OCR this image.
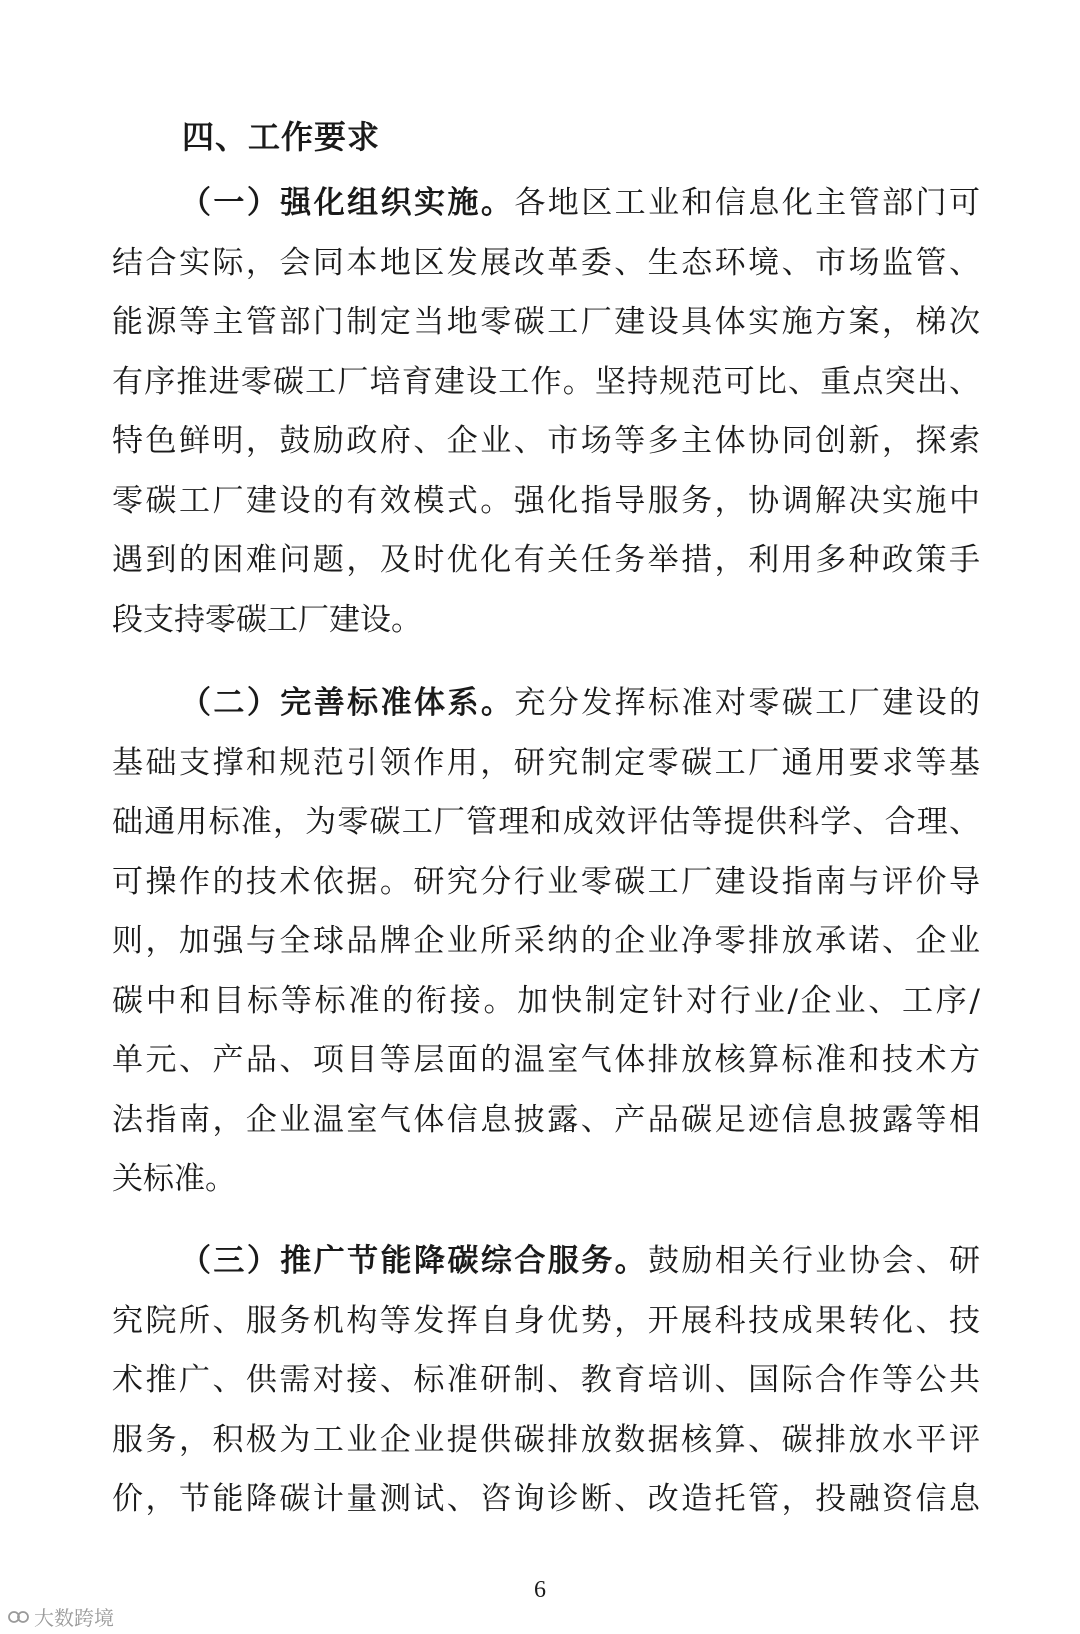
四、工作要求
（一）强化组织实施。各地区工业和信息化主管部门可
结合实际，会同本地区发展改革委、生态环境、市场监管、
能源等主管部门制定当地零碳工厂建设具体实施方案，梯次
有序推进零碳工厂培育建设工作。坚持规范可比、重点突出、
特色鲜明，鼓励政府、企业、市场等多主体协同创新，探索
零碳工厂建设的有效模式。强化指导服务，协调解决实施中
遇到的困难问题，及时优化有关任务举措，利用多种政策手
段支持零碳工厂建设。
（二）完善标准体系。充分发挥标准对零碳工厂建设的
基础支撑和规范引领作用，研究制定零碳工厂通用要求等基
础通用标准，为零碳工厂管理和成效评估等提供科学、合理、
可操作的技术依据。研究分行业零碳工厂建设指南与评价导
则，加强与全球品牌企业所采纳的企业净零排放承诺、企业
碳中和目标等标准的衔接。加快制定针对行业/企业、工序/
单元、产品、项目等层面的温室气体排放核算标准和技术方
法指南，企业温室气体信息披露、产品碳足迹信息披露等相
关标准。
（三）推广节能降碳综合服务。鼓励相关行业协会、研
究院所、服务机构等发挥自身优势，开展科技成果转化、技
术推广、供需对接、标准研制、教育培训、国际合作等公共
服务，积极为工业企业提供碳排放数据核算、碳排放水平评
价，节能降碳计量测试、咨询诊断、改造托管，投融资信息
6
大数跨境
